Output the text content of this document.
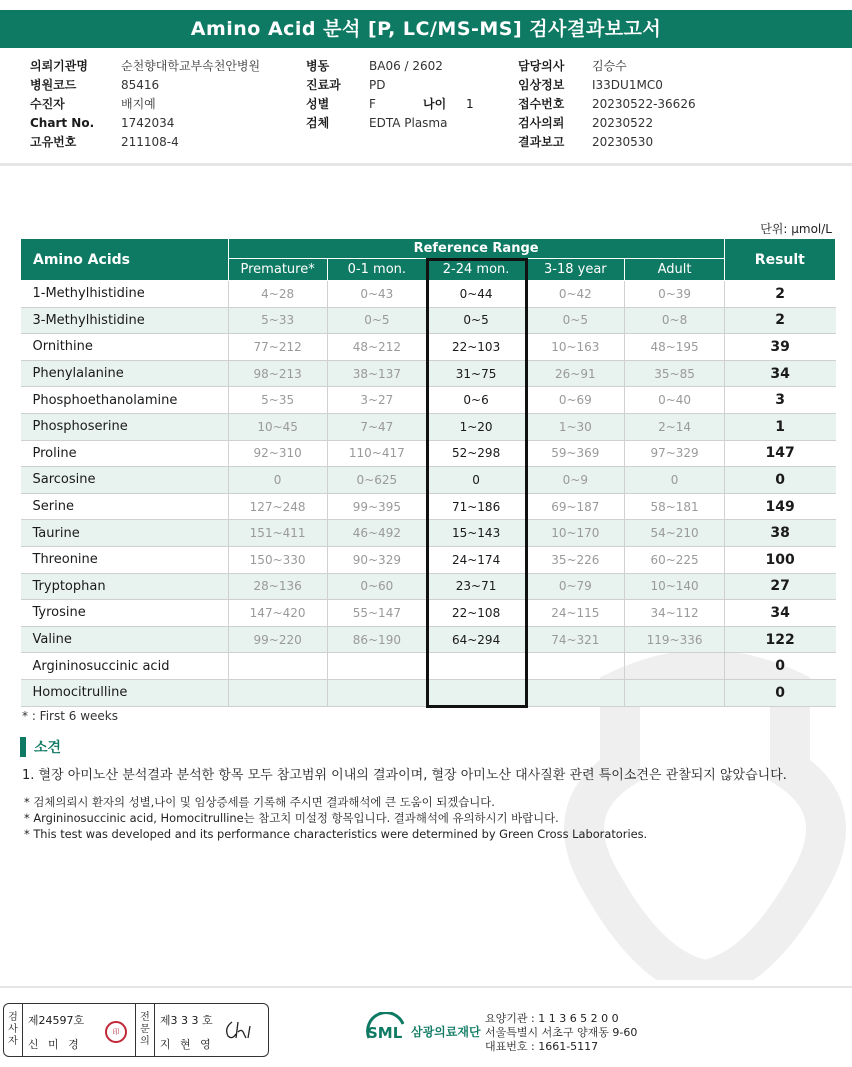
Amino Acid 분석 [P, LC/MS-MS] 검사결과보고서
의뢰기관명	순천향대학교부속천안병원
병원코드	85416
수진자	배지예
Chart No.	1742034
고유번호	211108-4
병동	BA06 / 2602
진료과	PD
성별	F	나이	1
검체	EDTA Plasma
담당의사	김승수
임상정보	I33DU1MC0
접수번호	20230522-36626
검사의뢰	20230522
결과보고	20230530
단위: μmol/L
Amino Acids	Reference Range					Result
	Premature*	0-1 mon.	2-24 mon.	3-18 year	Adult	
1-Methylhistidine	4~28	0~43	0~44	0~42	0~39	2
3-Methylhistidine	5~33	0~5	0~5	0~5	0~8	2
Ornithine	77~212	48~212	22~103	10~163	48~195	39
Phenylalanine	98~213	38~137	31~75	26~91	35~85	34
Phosphoethanolamine	5~35	3~27	0~6	0~69	0~40	3
Phosphoserine	10~45	7~47	1~20	1~30	2~14	1
Proline	92~310	110~417	52~298	59~369	97~329	147
Sarcosine	0	0~625	0	0~9	0	0
Serine	127~248	99~395	71~186	69~187	58~181	149
Taurine	151~411	46~492	15~143	10~170	54~210	38
Threonine	150~330	90~329	24~174	35~226	60~225	100
Tryptophan	28~136	0~60	23~71	0~79	10~140	27
Tyrosine	147~420	55~147	22~108	24~115	34~112	34
Valine	99~220	86~190	64~294	74~321	119~336	122
Argininosuccinic acid						0
Homocitrulline						0
* : First 6 weeks
소견
1. 혈장 아미노산 분석결과 분석한 항목 모두 참고범위 이내의 결과이며, 혈장 아미노산 대사질환 관련 특이소견은 관찰되지 않았습니다.
* 검체의뢰시 환자의 성별,나이 및 임상증세를 기록해 주시면 결과해석에 큰 도움이 되겠습니다.
* Argininosuccinic acid, Homocitrulline는 참고치 미설정 항목입니다. 결과해석에 유의하시기 바랍니다.
* This test was developed and its performance characteristics were determined by Green Cross Laboratories.
검
사
자
제24597호
신 미 경
印
전
문
의
제3 3 3 호
지 현 영
SML 삼광의료재단
요양기관 : 1 1 3 6 5 2 0 0
서울특별시 서초구 양재동 9-60
대표번호 : 1661-5117
